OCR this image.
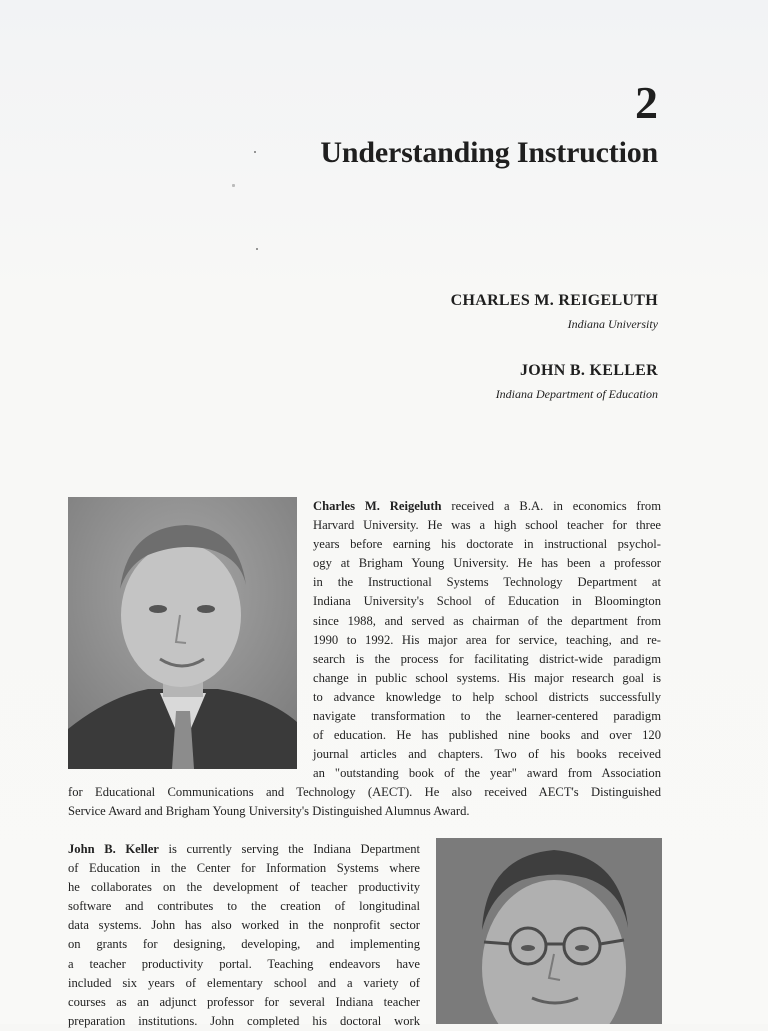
2
Understanding Instruction
CHARLES M. REIGELUTH
Indiana University
JOHN B. KELLER
Indiana Department of Education
Charles M. Reigeluth received a B.A. in economics from
Harvard University. He was a high school teacher for three
years before earning his doctorate in instructional psychol-
ogy at Brigham Young University. He has been a professor
in the Instructional Systems Technology Department at
Indiana University's School of Education in Bloomington
since 1988, and served as chairman of the department from
1990 to 1992. His major area for service, teaching, and re-
search is the process for facilitating district-wide paradigm
change in public school systems. His major research goal is
to advance knowledge to help school districts successfully
navigate transformation to the learner-centered paradigm
of education. He has published nine books and over 120
journal articles and chapters. Two of his books received
an "outstanding book of the year" award from Association
for Educational Communications and Technology (AECT). He also received AECT's Distinguished
Service Award and Brigham Young University's Distinguished Alumnus Award.
John B. Keller is currently serving the Indiana Department
of Education in the Center for Information Systems where
he collaborates on the development of teacher productivity
software and contributes to the creation of longitudinal
data systems. John has also worked in the nonprofit sector
on grants for designing, developing, and implementing
a teacher productivity portal. Teaching endeavors have
included six years of elementary school and a variety of
courses as an adjunct professor for several Indiana teacher
preparation institutions. John completed his doctoral work
